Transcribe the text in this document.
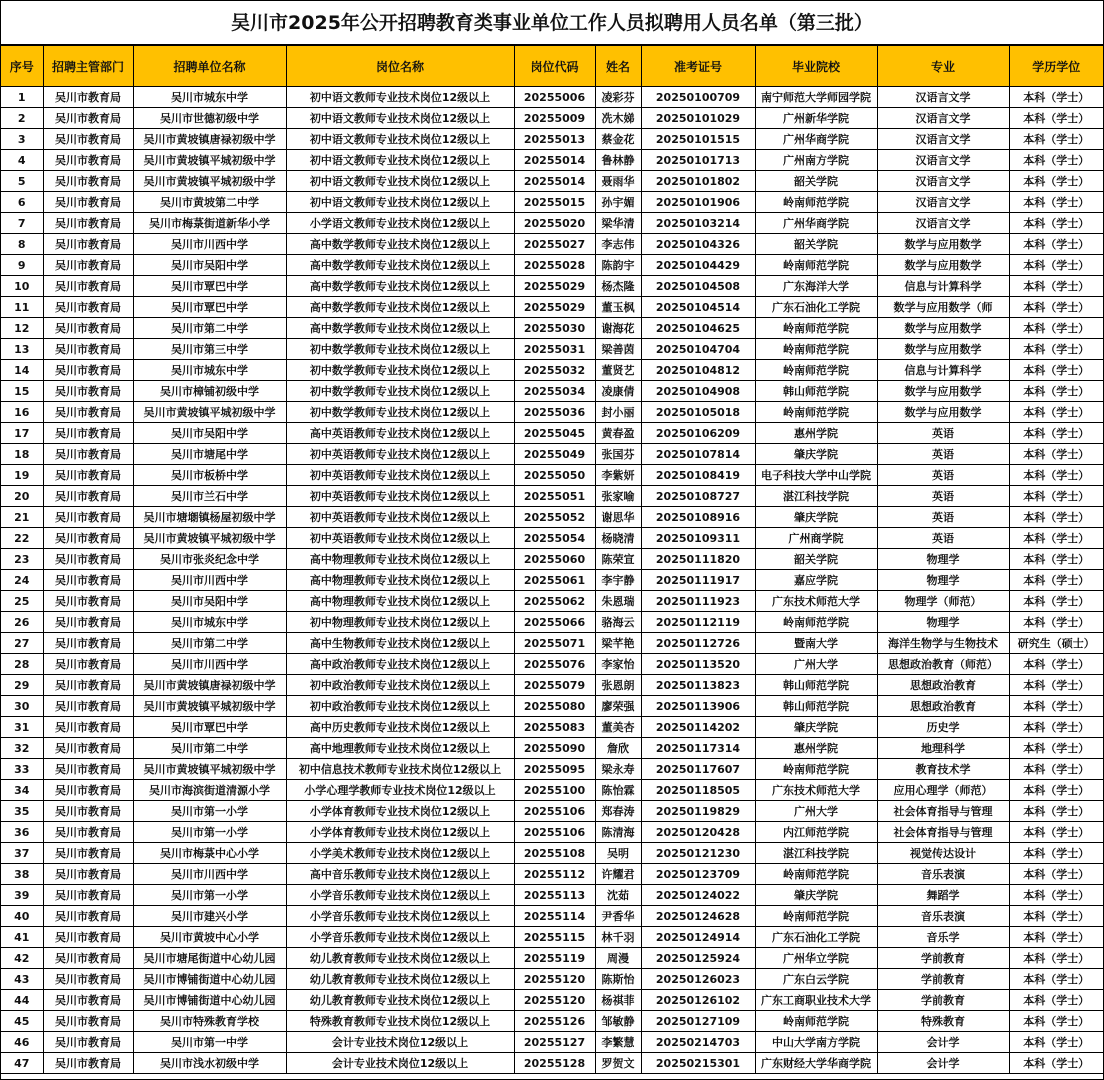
吴川市2025年公开招聘教育类事业单位工作人员拟聘用人员名单（第三批）
序号	招聘主管部门	招聘单位名称	岗位名称	岗位代码	姓名	准考证号	毕业院校	专业	学历学位
1	吴川市教育局	吴川市城东中学	初中语文教师专业技术岗位12级以上	20255006	凌彩芬	20250100709	南宁师范大学师园学院	汉语言文学	本科（学士）
2	吴川市教育局	吴川市世德初级中学	初中语文教师专业技术岗位12级以上	20255009	冼木娣	20250101029	广州新华学院	汉语言文学	本科（学士）
3	吴川市教育局	吴川市黄坡镇唐禄初级中学	初中语文教师专业技术岗位12级以上	20255013	蔡金花	20250101515	广州华商学院	汉语言文学	本科（学士）
4	吴川市教育局	吴川市黄坡镇平城初级中学	初中语文教师专业技术岗位12级以上	20255014	鲁林静	20250101713	广州南方学院	汉语言文学	本科（学士）
5	吴川市教育局	吴川市黄坡镇平城初级中学	初中语文教师专业技术岗位12级以上	20255014	聂雨华	20250101802	韶关学院	汉语言文学	本科（学士）
6	吴川市教育局	吴川市黄坡第二中学	初中语文教师专业技术岗位12级以上	20255015	孙宇媚	20250101906	岭南师范学院	汉语言文学	本科（学士）
7	吴川市教育局	吴川市梅菉街道新华小学	小学语文教师专业技术岗位12级以上	20255020	梁华清	20250103214	广州华商学院	汉语言文学	本科（学士）
8	吴川市教育局	吴川市川西中学	高中数学教师专业技术岗位12级以上	20255027	李志伟	20250104326	韶关学院	数学与应用数学	本科（学士）
9	吴川市教育局	吴川市吴阳中学	高中数学教师专业技术岗位12级以上	20255028	陈韵宇	20250104429	岭南师范学院	数学与应用数学	本科（学士）
10	吴川市教育局	吴川市覃巴中学	高中数学教师专业技术岗位12级以上	20255029	杨杰隆	20250104508	广东海洋大学	信息与计算科学	本科（学士）
11	吴川市教育局	吴川市覃巴中学	高中数学教师专业技术岗位12级以上	20255029	董玉枫	20250104514	广东石油化工学院	数学与应用数学（师	本科（学士）
12	吴川市教育局	吴川市第二中学	高中数学教师专业技术岗位12级以上	20255030	谢海花	20250104625	岭南师范学院	数学与应用数学	本科（学士）
13	吴川市教育局	吴川市第三中学	初中数学教师专业技术岗位12级以上	20255031	梁善茵	20250104704	岭南师范学院	数学与应用数学	本科（学士）
14	吴川市教育局	吴川市城东中学	初中数学教师专业技术岗位12级以上	20255032	董贤艺	20250104812	岭南师范学院	信息与计算科学	本科（学士）
15	吴川市教育局	吴川市樟铺初级中学	初中数学教师专业技术岗位12级以上	20255034	凌康倩	20250104908	韩山师范学院	数学与应用数学	本科（学士）
16	吴川市教育局	吴川市黄坡镇平城初级中学	初中数学教师专业技术岗位12级以上	20255036	封小丽	20250105018	岭南师范学院	数学与应用数学	本科（学士）
17	吴川市教育局	吴川市吴阳中学	高中英语教师专业技术岗位12级以上	20255045	黄春盈	20250106209	惠州学院	英语	本科（学士）
18	吴川市教育局	吴川市塘尾中学	初中英语教师专业技术岗位12级以上	20255049	张国芬	20250107814	肇庆学院	英语	本科（学士）
19	吴川市教育局	吴川市板桥中学	初中英语教师专业技术岗位12级以上	20255050	李紫妍	20250108419	电子科技大学中山学院	英语	本科（学士）
20	吴川市教育局	吴川市兰石中学	初中英语教师专业技术岗位12级以上	20255051	张家喻	20250108727	湛江科技学院	英语	本科（学士）
21	吴川市教育局	吴川市塘㙟镇杨屋初级中学	初中英语教师专业技术岗位12级以上	20255052	谢思华	20250108916	肇庆学院	英语	本科（学士）
22	吴川市教育局	吴川市黄坡镇平城初级中学	初中英语教师专业技术岗位12级以上	20255054	杨晓清	20250109311	广州商学院	英语	本科（学士）
23	吴川市教育局	吴川市张炎纪念中学	高中物理教师专业技术岗位12级以上	20255060	陈荣宣	20250111820	韶关学院	物理学	本科（学士）
24	吴川市教育局	吴川市川西中学	高中物理教师专业技术岗位12级以上	20255061	李宇静	20250111917	嘉应学院	物理学	本科（学士）
25	吴川市教育局	吴川市吴阳中学	高中物理教师专业技术岗位12级以上	20255062	朱恩瑞	20250111923	广东技术师范大学	物理学（师范）	本科（学士）
26	吴川市教育局	吴川市城东中学	初中物理教师专业技术岗位12级以上	20255066	骆海云	20250112119	岭南师范学院	物理学	本科（学士）
27	吴川市教育局	吴川市第二中学	高中生物教师专业技术岗位12级以上	20255071	梁芊艳	20250112726	暨南大学	海洋生物学与生物技术	研究生（硕士）
28	吴川市教育局	吴川市川西中学	高中政治教师专业技术岗位12级以上	20255076	李家怡	20250113520	广州大学	思想政治教育（师范）	本科（学士）
29	吴川市教育局	吴川市黄坡镇唐禄初级中学	初中政治教师专业技术岗位12级以上	20255079	张恩朗	20250113823	韩山师范学院	思想政治教育	本科（学士）
30	吴川市教育局	吴川市黄坡镇平城初级中学	初中政治教师专业技术岗位12级以上	20255080	廖荣强	20250113906	韩山师范学院	思想政治教育	本科（学士）
31	吴川市教育局	吴川市覃巴中学	高中历史教师专业技术岗位12级以上	20255083	董美杏	20250114202	肇庆学院	历史学	本科（学士）
32	吴川市教育局	吴川市第二中学	高中地理教师专业技术岗位12级以上	20255090	詹欣	20250117314	惠州学院	地理科学	本科（学士）
33	吴川市教育局	吴川市黄坡镇平城初级中学	初中信息技术教师专业技术岗位12级以上	20255095	梁永寿	20250117607	岭南师范学院	教育技术学	本科（学士）
34	吴川市教育局	吴川市海滨街道清源小学	小学心理学教师专业技术岗位12级以上	20255100	陈怡霖	20250118505	广东技术师范大学	应用心理学（师范）	本科（学士）
35	吴川市教育局	吴川市第一小学	小学体育教师专业技术岗位12级以上	20255106	郑春涛	20250119829	广州大学	社会体育指导与管理	本科（学士）
36	吴川市教育局	吴川市第一小学	小学体育教师专业技术岗位12级以上	20255106	陈清海	20250120428	内江师范学院	社会体育指导与管理	本科（学士）
37	吴川市教育局	吴川市梅菉中心小学	小学美术教师专业技术岗位12级以上	20255108	吴明	20250121230	湛江科技学院	视觉传达设计	本科（学士）
38	吴川市教育局	吴川市川西中学	高中音乐教师专业技术岗位12级以上	20255112	许耀君	20250123709	岭南师范学院	音乐表演	本科（学士）
39	吴川市教育局	吴川市第一小学	小学音乐教师专业技术岗位12级以上	20255113	沈茹	20250124022	肇庆学院	舞蹈学	本科（学士）
40	吴川市教育局	吴川市建兴小学	小学音乐教师专业技术岗位12级以上	20255114	尹香华	20250124628	岭南师范学院	音乐表演	本科（学士）
41	吴川市教育局	吴川市黄坡中心小学	小学音乐教师专业技术岗位12级以上	20255115	林千羽	20250124914	广东石油化工学院	音乐学	本科（学士）
42	吴川市教育局	吴川市塘尾街道中心幼儿园	幼儿教育教师专业技术岗位12级以上	20255119	周漫	20250125924	广州华立学院	学前教育	本科（学士）
43	吴川市教育局	吴川市博铺街道中心幼儿园	幼儿教育教师专业技术岗位12级以上	20255120	陈斯怡	20250126023	广东白云学院	学前教育	本科（学士）
44	吴川市教育局	吴川市博铺街道中心幼儿园	幼儿教育教师专业技术岗位12级以上	20255120	杨祺菲	20250126102	广东工商职业技术大学	学前教育	本科（学士）
45	吴川市教育局	吴川市特殊教育学校	特殊教育教师专业技术岗位12级以上	20255126	邹敏静	20250127109	岭南师范学院	特殊教育	本科（学士）
46	吴川市教育局	吴川市第一中学	会计专业技术岗位12级以上	20255127	李繁慧	20250214703	中山大学南方学院	会计学	本科（学士）
47	吴川市教育局	吴川市浅水初级中学	会计专业技术岗位12级以上	20255128	罗贺文	20250215301	广东财经大学华商学院	会计学	本科（学士）
